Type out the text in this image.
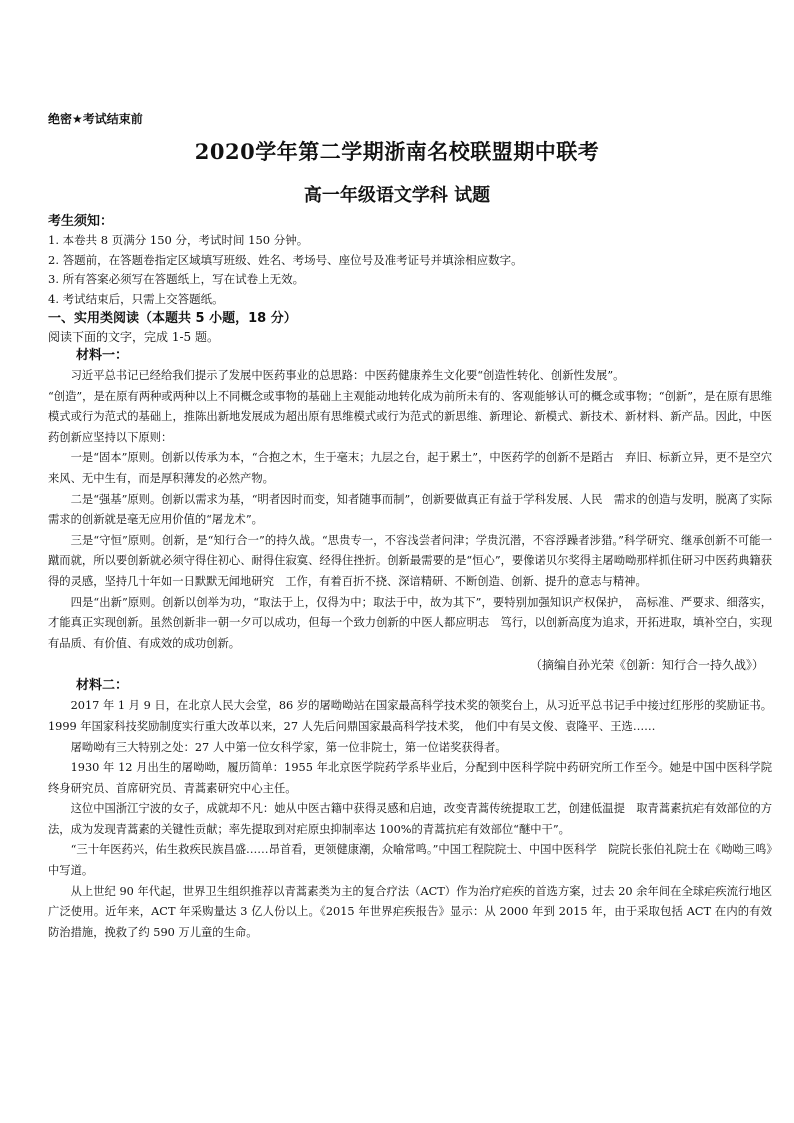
绝密★考试结束前
2020学年第二学期浙南名校联盟期中联考
高一年级语文学科 试题
考生须知：
1. 本卷共 8 页满分 150 分，考试时间 150 分钟。
2. 答题前，在答题卷指定区域填写班级、姓名、考场号、座位号及准考证号并填涂相应数字。
3. 所有答案必须写在答题纸上，写在试卷上无效。
4. 考试结束后，只需上交答题纸。
一、实用类阅读（本题共 5 小题，18 分）
阅读下面的文字，完成 1-5 题。
材料一：

习近平总书记已经给我们提示了发展中医药事业的总思路：中医药健康养生文化要“创造性转化、创新性发展”。

“创造”，是在原有两种或两种以上不同概念或事物的基础上主观能动地转化成为前所未有的、客观能够认可的概念或事物；“创新”，是在原有思维模式或行为范式的基础上，推陈出新地发展成为超出原有思维模式或行为范式的新思维、新理论、新模式、新技术、新材料、新产品。因此，中医药创新应坚持以下原则：

一是“固本”原则。创新以传承为本，“合抱之木，生于毫末；九层之台，起于累土”，中医药学的创新不是蹈古　弃旧、标新立异，更不是空穴来风、无中生有，而是厚积薄发的必然产物。

二是“强基”原则。创新以需求为基，“明者因时而变，知者随事而制”，创新要做真正有益于学科发展、人民　需求的创造与发明，脱离了实际需求的创新就是毫无应用价值的“屠龙术”。

三是“守恒”原则。创新，是“知行合一”的持久战。“思贵专一，不容浅尝者问津；学贵沉潜，不容浮躁者涉猎。”科学研究、继承创新不可能一蹴而就，所以要创新就必须守得住初心、耐得住寂寞、经得住挫折。创新最需要的是“恒心”，要像诺贝尔奖得主屠呦呦那样抓住研习中医药典籍获得的灵感，坚持几十年如一日默默无闻地研究　工作，有着百折不挠、深谙精研、不断创造、创新、提升的意志与精神。

四是“出新”原则。创新以创举为功，“取法于上，仅得为中；取法于中，故为其下”，要特别加强知识产权保护，　高标准、严要求、细落实，才能真正实现创新。虽然创新非一朝一夕可以成功，但每一个致力创新的中医人都应明志　笃行，以创新高度为追求，开拓进取，填补空白，实现有品质、有价值、有成效的成功创新。

（摘编自孙光荣《创新：知行合一持久战》）
材料二：

2017 年 1 月 9 日，在北京人民大会堂，86 岁的屠呦呦站在国家最高科学技术奖的领奖台上，从习近平总书记手中接过红彤彤的奖励证书。1999 年国家科技奖励制度实行重大改革以来，27 人先后问鼎国家最高科学技术奖， 他们中有吴文俊、袁隆平、王选……

屠呦呦有三大特别之处：27 人中第一位女科学家，第一位非院士，第一位诺奖获得者。

1930 年 12 月出生的屠呦呦，履历简单：1955 年北京医学院药学系毕业后，分配到中医科学院中药研究所工作至今。她是中国中医科学院终身研究员、首席研究员、青蒿素研究中心主任。

这位中国浙江宁波的女子，成就却不凡：她从中医古籍中获得灵感和启迪，改变青蒿传统提取工艺，创建低温提　取青蒿素抗疟有效部位的方法，成为发现青蒿素的关键性贡献；率先提取到对疟原虫抑制率达 100%的青蒿抗疟有效部位“醚中干”。

“三十年医药兴，佑生救疾民族昌盛……昂首看，更领健康潮，众喻常鸣。”中国工程院院士、中国中医科学　院院长张伯礼院士在《呦呦三鸣》中写道。

从上世纪 90 年代起，世界卫生组织推荐以青蒿素类为主的复合疗法（ACT）作为治疗疟疾的首选方案，过去 20 余年间在全球疟疾流行地区广泛使用。近年来，ACT 年采购量达 3 亿人份以上。《2015 年世界疟疾报告》显示：从 2000 年到 2015 年，由于采取包括 ACT 在内的有效防治措施，挽救了约 590 万儿童的生命。
